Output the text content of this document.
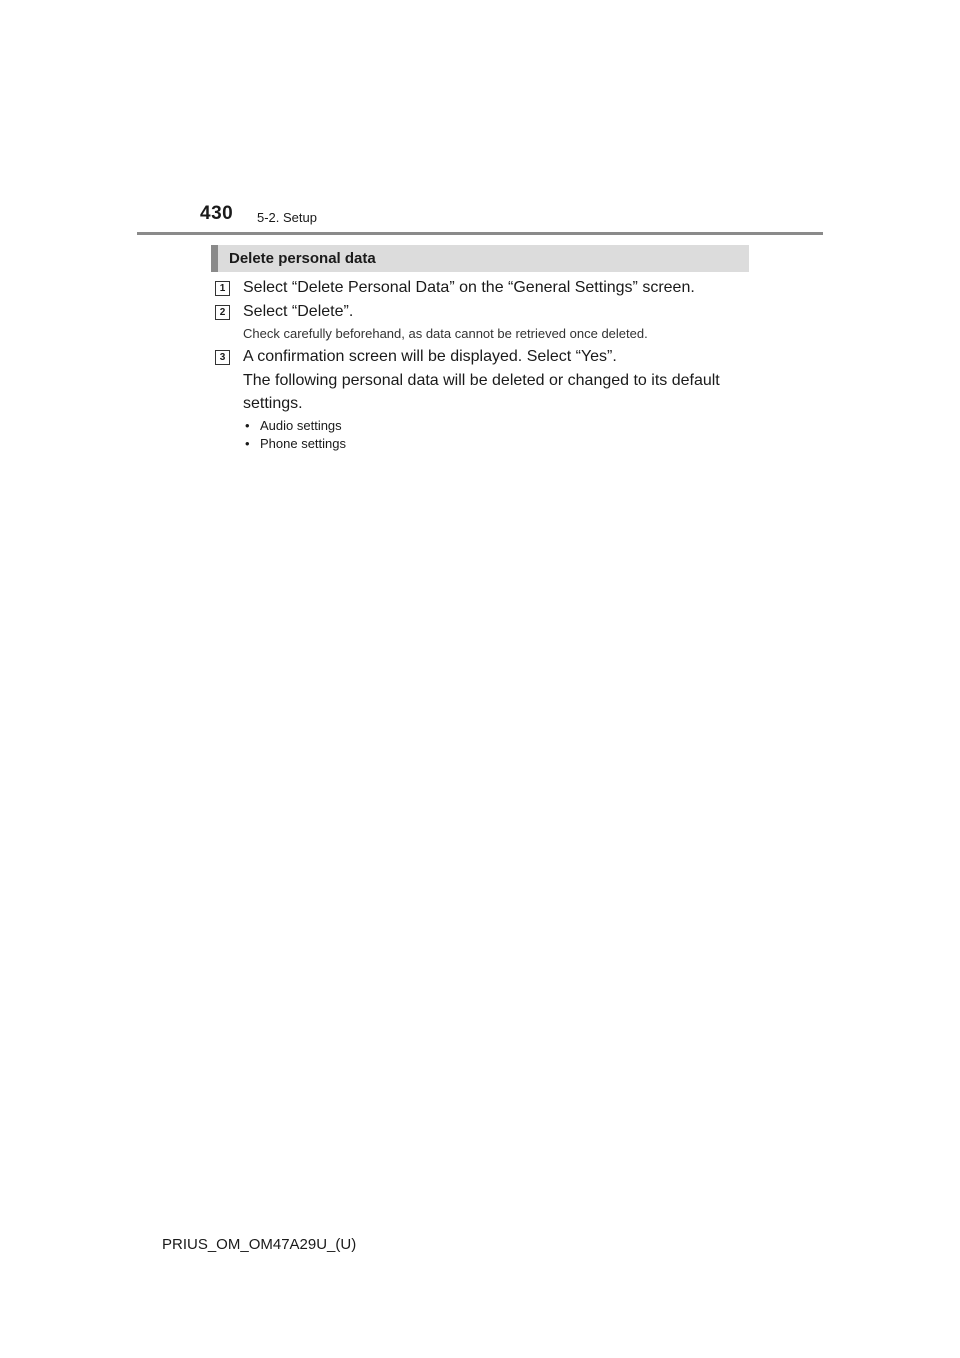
430 5-2. Setup
Delete personal data
1 Select “Delete Personal Data” on the “General Settings” screen.
2 Select “Delete”.
Check carefully beforehand, as data cannot be retrieved once deleted.
3 A confirmation screen will be displayed. Select “Yes”.
The following personal data will be deleted or changed to its default
settings.
• Audio settings
• Phone settings
PRIUS_OM_OM47A29U_(U)
